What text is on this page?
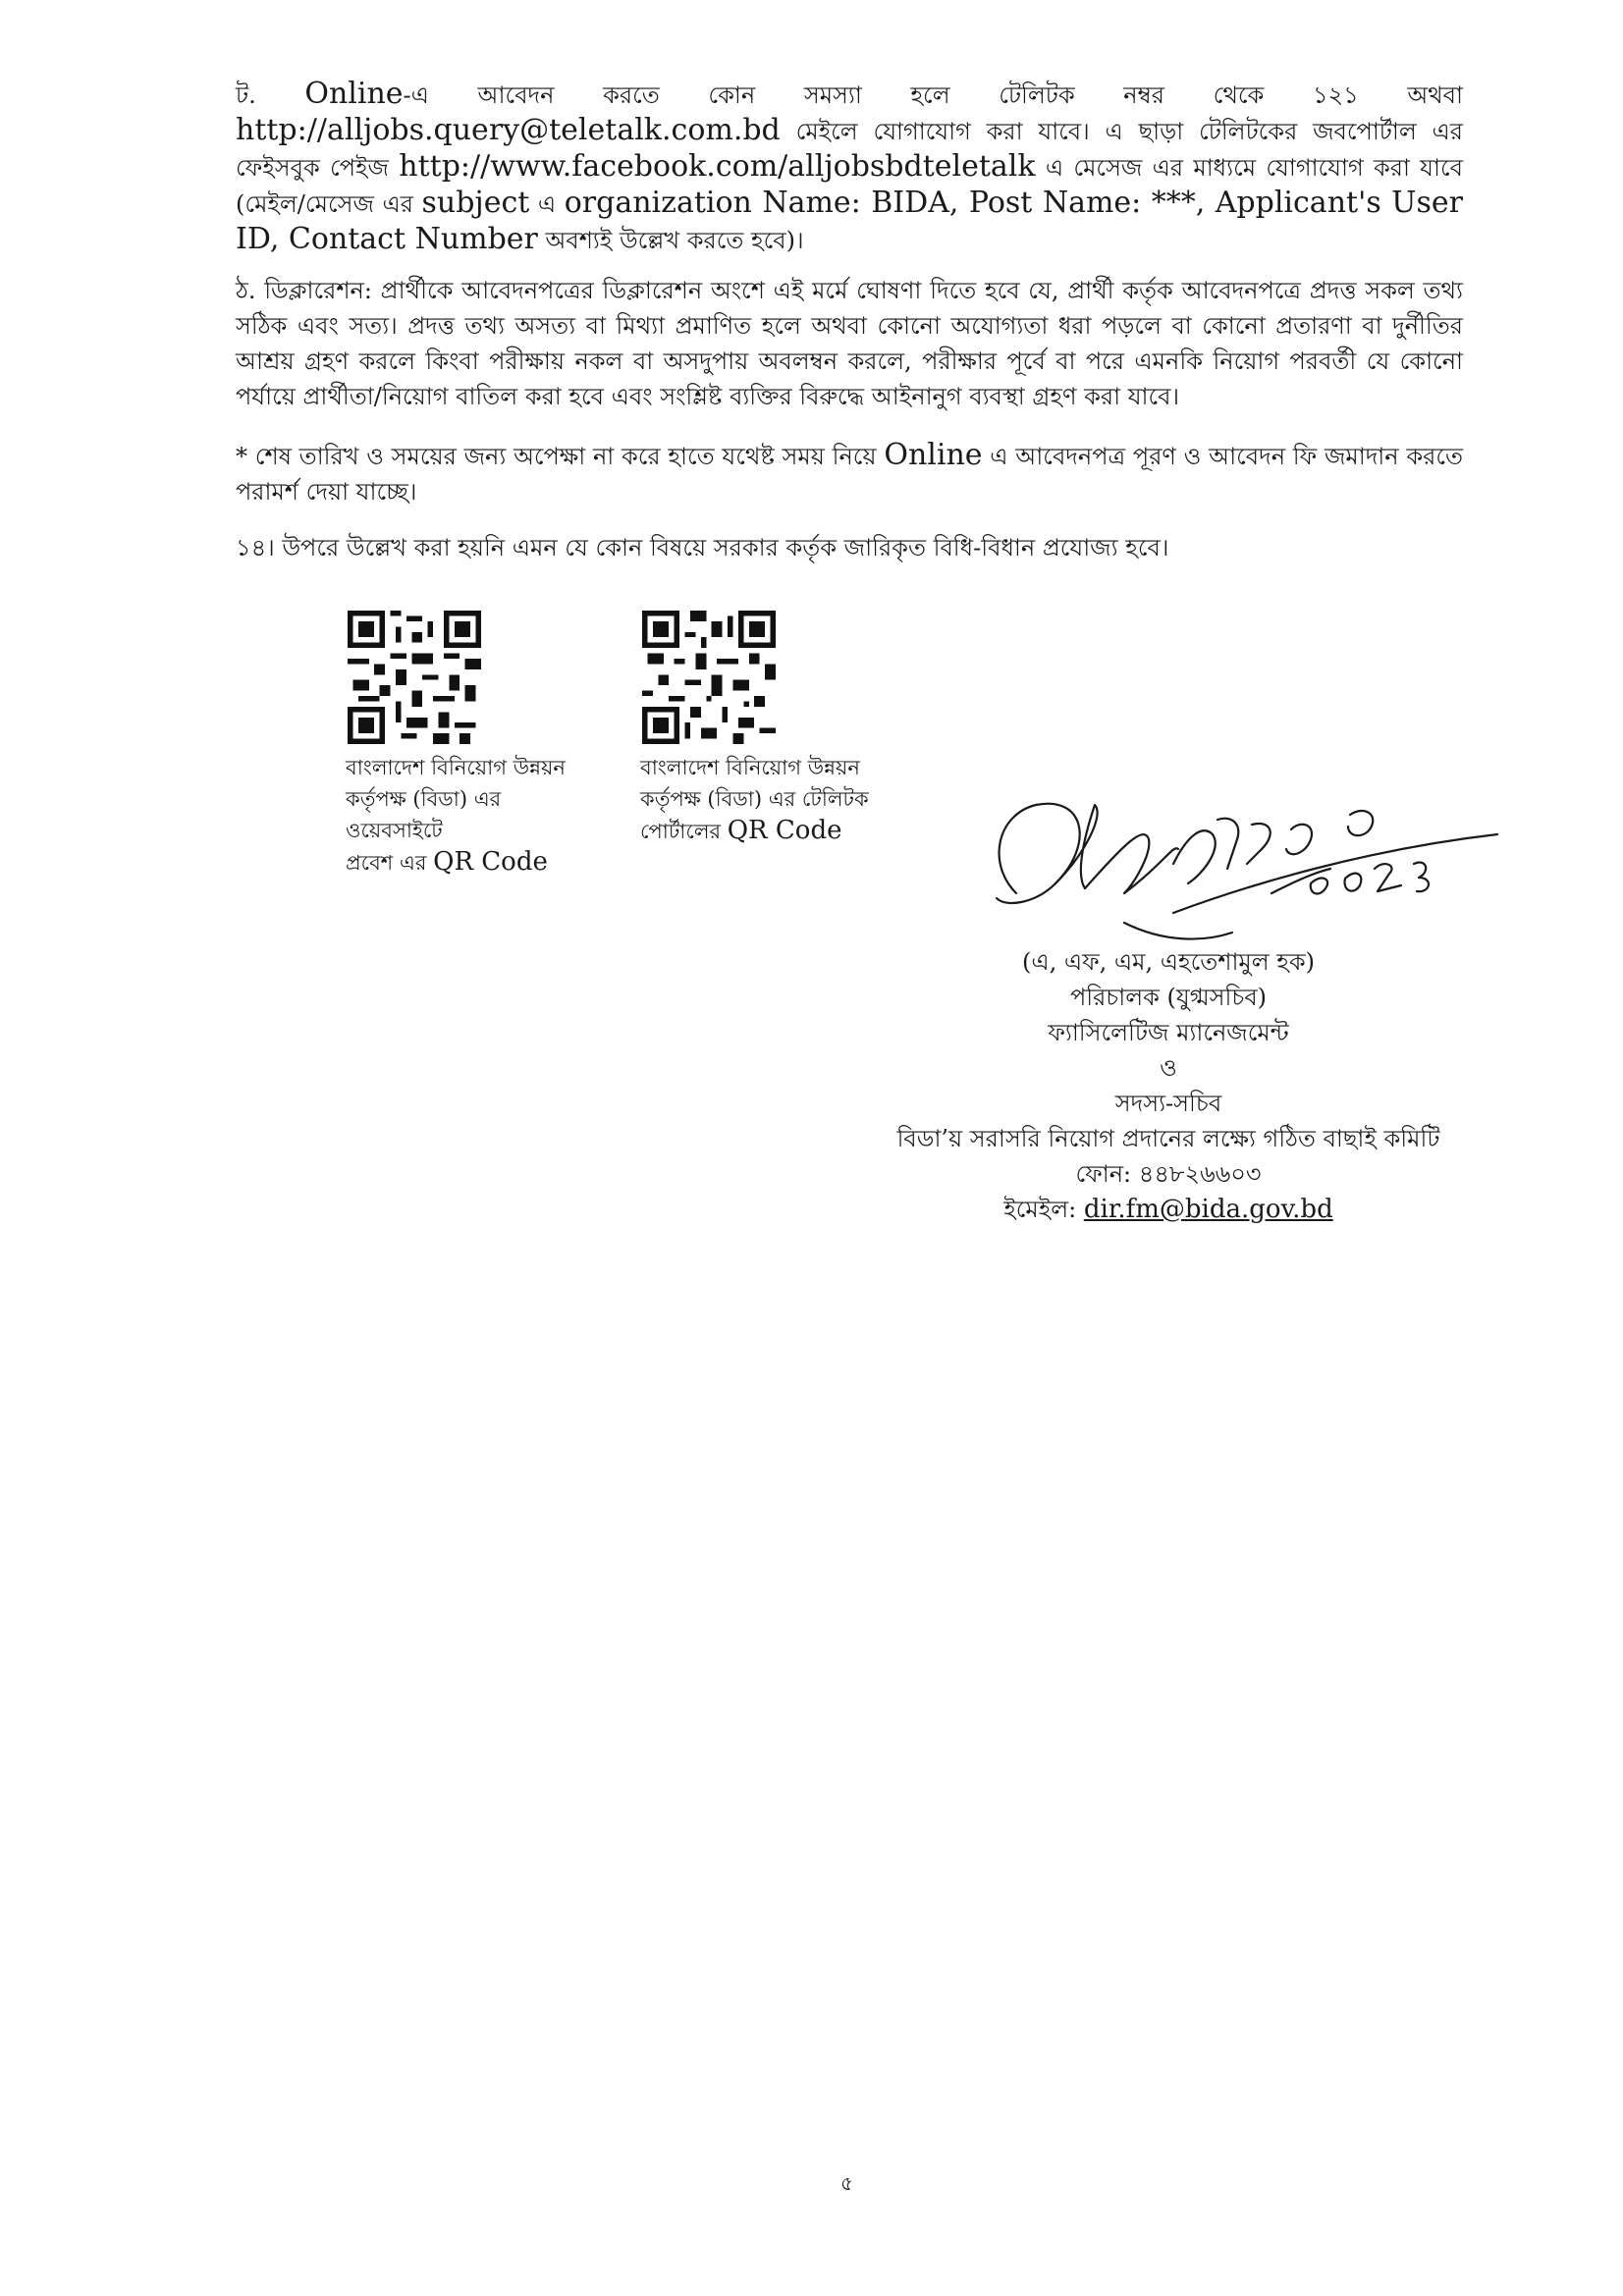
ট. Online-এ আবেদন করতে কোন সমস্যা হলে টেলিটক নম্বর থেকে ১২১ অথবা http://alljobs.query@teletalk.com.bd মেইলে যোগাযোগ করা যাবে। এ ছাড়া টেলিটকের জবপোর্টাল এর ফেইসবুক পেইজ http://www.facebook.com/alljobsbdteletalk এ মেসেজ এর মাধ্যমে যোগাযোগ করা যাবে (মেইল/মেসেজ এর subject এ organization Name: BIDA, Post Name: ***, Applicant's User ID, Contact Number অবশ্যই উল্লেখ করতে হবে)।
ঠ. ডিক্লারেশন: প্রার্থীকে আবেদনপত্রের ডিক্লারেশন অংশে এই মর্মে ঘোষণা দিতে হবে যে, প্রার্থী কর্তৃক আবেদনপত্রে প্রদত্ত সকল তথ্য সঠিক এবং সত্য। প্রদত্ত তথ্য অসত্য বা মিথ্যা প্রমাণিত হলে অথবা কোনো অযোগ্যতা ধরা পড়লে বা কোনো প্রতারণা বা দুর্নীতির আশ্রয় গ্রহণ করলে কিংবা পরীক্ষায় নকল বা অসদুপায় অবলম্বন করলে, পরীক্ষার পূর্বে বা পরে এমনকি নিয়োগ পরবর্তী যে কোনো পর্যায়ে প্রার্থীতা/নিয়োগ বাতিল করা হবে এবং সংশ্লিষ্ট ব্যক্তির বিরুদ্ধে আইনানুগ ব্যবস্থা গ্রহণ করা যাবে।
* শেষ তারিখ ও সময়ের জন্য অপেক্ষা না করে হাতে যথেষ্ট সময় নিয়ে Online এ আবেদনপত্র পূরণ ও আবেদন ফি জমাদান করতে পরামর্শ দেয়া যাচ্ছে।
১৪। উপরে উল্লেখ করা হয়নি এমন যে কোন বিষয়ে সরকার কর্তৃক জারিকৃত বিধি-বিধান প্রযোজ্য হবে।
বাংলাদেশ বিনিয়োগ উন্নয়ন
কর্তৃপক্ষ (বিডা) এর ওয়েবসাইটে
প্রবেশ এর QR Code
বাংলাদেশ বিনিয়োগ উন্নয়ন
কর্তৃপক্ষ (বিডা) এর টেলিটক
পোর্টালের QR Code
(এ, এফ, এম, এহতেশামুল হক)
পরিচালক (যুগ্মসচিব)
ফ্যাসিলেটিজ ম্যানেজমেন্ট
ও
সদস্য-সচিব
বিডা’য় সরাসরি নিয়োগ প্রদানের লক্ষ্যে গঠিত বাছাই কমিটি
ফোন: ৪৪৮২৬৬০৩
ইমেইল: dir.fm@bida.gov.bd
৫
